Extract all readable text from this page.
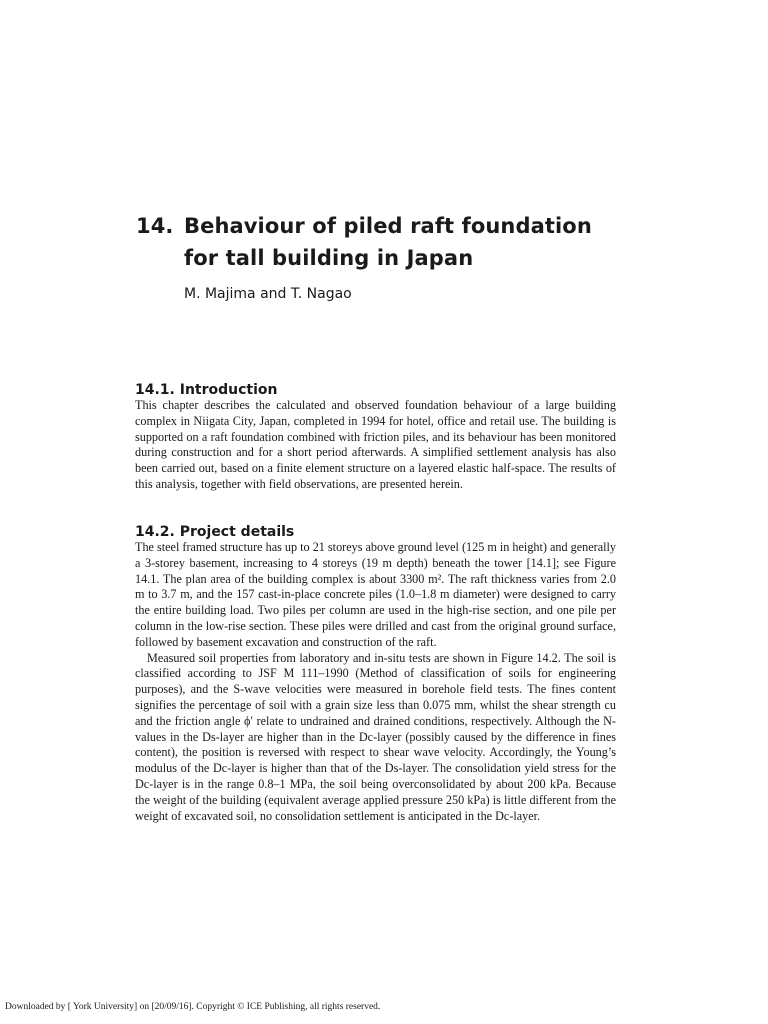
14. Behaviour of piled raft foundation
for tall building in Japan
M. Majima and T. Nagao
14.1. Introduction

This chapter describes the calculated and observed foundation behaviour of a large building complex in Niigata City, Japan, completed in 1994 for hotel, office and retail use. The building is supported on a raft foundation combined with friction piles, and its behaviour has been monitored during construction and for a short period afterwards. A simplified settlement analysis has also been carried out, based on a finite element structure on a layered elastic half-space. The results of this analysis, together with field observations, are presented herein.

14.2. Project details

The steel framed structure has up to 21 storeys above ground level (125 m in height) and generally a 3-storey basement, increasing to 4 storeys (19 m depth) beneath the tower [14.1]; see Figure 14.1. The plan area of the building complex is about 3300 m². The raft thickness varies from 2.0 m to 3.7 m, and the 157 cast-in-place concrete piles (1.0–1.8 m diameter) were designed to carry the entire building load. Two piles per column are used in the high-rise section, and one pile per column in the low-rise section. These piles were drilled and cast from the original ground surface, followed by basement excavation and construction of the raft.

Measured soil properties from laboratory and in-situ tests are shown in Figure 14.2. The soil is classified according to JSF M 111–1990 (Method of classification of soils for engineering purposes), and the S-wave velocities were measured in borehole field tests. The fines content signifies the percentage of soil with a grain size less than 0.075 mm, whilst the shear strength cu and the friction angle ϕ′ relate to undrained and drained conditions, respectively. Although the N-values in the Ds-layer are higher than in the Dc-layer (possibly caused by the difference in fines content), the position is reversed with respect to shear wave velocity. Accordingly, the Young’s modulus of the Dc-layer is higher than that of the Ds-layer. The consolidation yield stress for the Dc-layer is in the range 0.8–1 MPa, the soil being overconsolidated by about 200 kPa. Because the weight of the building (equivalent average applied pressure 250 kPa) is little different from the weight of excavated soil, no consolidation settlement is anticipated in the Dc-layer.

Downloaded by [ York University] on [20/09/16]. Copyright © ICE Publishing, all rights reserved.
